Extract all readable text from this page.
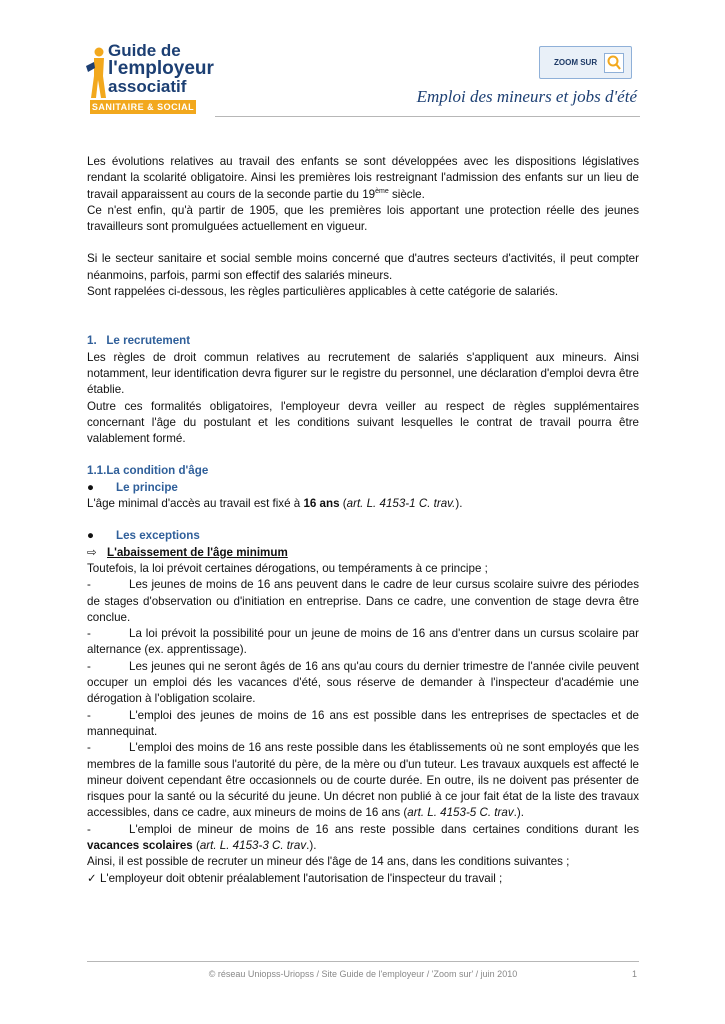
Guide de
l'employeur
associatif
SANITAIRE & SOCIAL
ZOOM SUR
Emploi des mineurs et jobs d'été

Les évolutions relatives au travail des enfants se sont développées avec les dispositions législatives rendant la scolarité obligatoire. Ainsi les premières lois restreignant l'admission des enfants sur un lieu de travail apparaissent au cours de la seconde partie du 19ème siècle.

Ce n'est enfin, qu'à partir de 1905, que les premières lois apportant une protection réelle des jeunes travailleurs sont promulguées actuellement en vigueur.

Si le secteur sanitaire et social semble moins concerné que d'autres secteurs d'activités, il peut compter néanmoins, parfois, parmi son effectif des salariés mineurs.

Sont rappelées ci-dessous, les règles particulières applicables à cette catégorie de salariés.

1.   Le recrutement

Les règles de droit commun relatives au recrutement de salariés s'appliquent aux mineurs. Ainsi notamment, leur identification devra figurer sur le registre du personnel, une déclaration d'emploi devra être établie.

Outre ces formalités obligatoires, l'employeur devra veiller au respect de règles supplémentaires concernant l'âge du postulant et les conditions suivant lesquelles le contrat de travail pourra être valablement formé.

1.1.La condition d'âge

● Le principe

L'âge minimal d'accès au travail est fixé à 16 ans (art. L. 4153-1 C. trav.).

● Les exceptions

⇨ L'abaissement de l'âge minimum

Toutefois, la loi prévoit certaines dérogations, ou tempéraments à ce principe ;

-	Les jeunes de moins de 16 ans peuvent dans le cadre de leur cursus scolaire suivre des périodes de stages d'observation ou d'initiation en entreprise. Dans ce cadre, une convention de stage devra être conclue.

-	La loi prévoit la possibilité pour un jeune de moins de 16 ans d'entrer dans un cursus scolaire par alternance (ex. apprentissage).

-	Les jeunes qui ne seront âgés de 16 ans qu'au cours du dernier trimestre de l'année civile peuvent occuper un emploi dés les vacances d'été, sous réserve de demander à l'inspecteur d'académie une dérogation à l'obligation scolaire.

-	L'emploi des jeunes de moins de 16 ans est possible dans les entreprises de spectacles et de mannequinat.

-	L'emploi des moins de 16 ans reste possible dans les établissements où ne sont employés que les membres de la famille sous l'autorité du père, de la mère ou d'un tuteur. Les travaux auxquels est affecté le mineur doivent cependant être occasionnels ou de courte durée. En outre, ils ne doivent pas présenter de risques pour la santé ou la sécurité du jeune. Un décret non publié à ce jour fait état de la liste des travaux accessibles, dans ce cadre, aux mineurs de moins de 16 ans (art. L. 4153-5 C. trav.).

-	L'emploi de mineur de moins de 16 ans reste possible dans certaines conditions durant les vacances scolaires (art. L. 4153-3 C. trav.).

Ainsi, il est possible de recruter un mineur dés l'âge de 14 ans, dans les conditions suivantes ;

✓ L'employeur doit obtenir préalablement l'autorisation de l'inspecteur du travail ;

© réseau Uniopss-Uriopss / Site Guide de l'employeur / 'Zoom sur' / juin 2010	1
